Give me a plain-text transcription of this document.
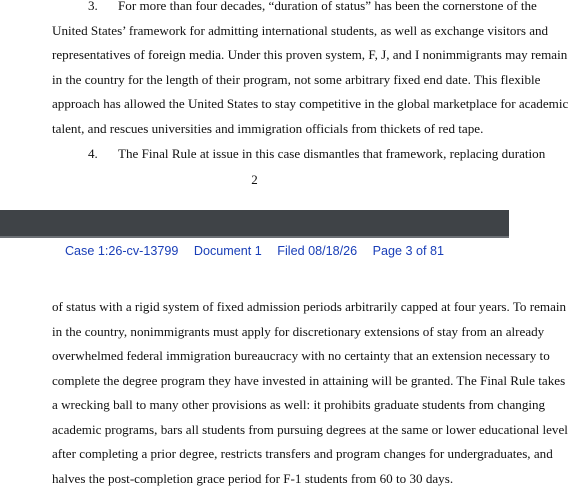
3. For more than four decades, “duration of status” has been the cornerstone of the
United States’ framework for admitting international students, as well as exchange visitors and
representatives of foreign media. Under this proven system, F, J, and I nonimmigrants may remain
in the country for the length of their program, not some arbitrary fixed end date. This flexible
approach has allowed the United States to stay competitive in the global marketplace for academic
talent, and rescues universities and immigration officials from thickets of red tape.
4. The Final Rule at issue in this case dismantles that framework, replacing duration
2
Case 1:26-cv-13799 Document 1 Filed 08/18/26 Page 3 of 81
of status with a rigid system of fixed admission periods arbitrarily capped at four years. To remain
in the country, nonimmigrants must apply for discretionary extensions of stay from an already
overwhelmed federal immigration bureaucracy with no certainty that an extension necessary to
complete the degree program they have invested in attaining will be granted. The Final Rule takes
a wrecking ball to many other provisions as well: it prohibits graduate students from changing
academic programs, bars all students from pursuing degrees at the same or lower educational level
after completing a prior degree, restricts transfers and program changes for undergraduates, and
halves the post-completion grace period for F-1 students from 60 to 30 days.
